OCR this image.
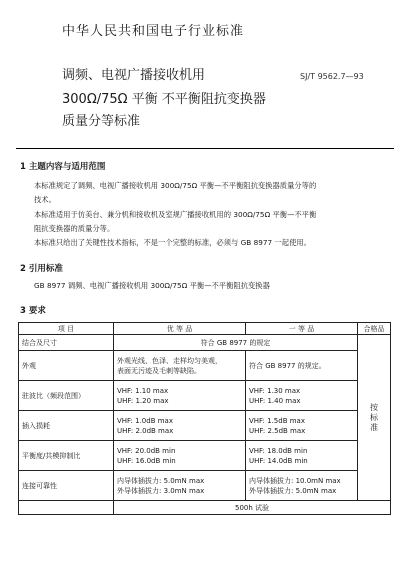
中华人民共和国电子行业标准
调频、电视广播接收机用
300Ω/75Ω 平衡 不平衡阻抗变换器
质量分等标准
SJ/T 9562.7—93
1 主题内容与适用范围
本标准规定了调频、电视广播接收机用 300Ω/75Ω 平衡—不平衡阻抗变换器质量分等的
技术。
本标准适用于仿美台、兼分机和接收机及室规广播接收机用的 300Ω/75Ω 平衡—不平衡
阻抗变换器的质量分等。
本标准只给出了关键性技术指标，不是一个完整的标准，必须与 GB 8977 一起使用。
2 引用标准
GB 8977 调频、电视广播接收机用 300Ω/75Ω 平衡—不平衡阻抗变换器
3 要求
项 目	优 等 品	一 等 品	合格品
结合及尺寸	符合 GB 8977 的规定		按
标
准

外观	外观光线、色泽、走样均匀美观，
表面无污迹及毛刺等缺陷。	符合 GB 8977 的规定。	

驻波比（频段范围）	VHF: 1.10 max
UHF: 1.20 max	VHF: 1.30 max
UHF: 1.40 max	

插入损耗	VHF: 1.0dB max
UHF: 2.0dB max	VHF: 1.5dB max
UHF: 2.5dB max	

平衡度/共模抑制比	VHF: 20.0dB min
UHF: 16.0dB min	VHF: 18.0dB min
UHF: 14.0dB min	

连接可靠性	内导体插拔力: 5.0mN max
外导体插拔力: 3.0mN max	内导体插拔力: 10.0mN max
外导体插拔力: 5.0mN max	

	500h 试验		
